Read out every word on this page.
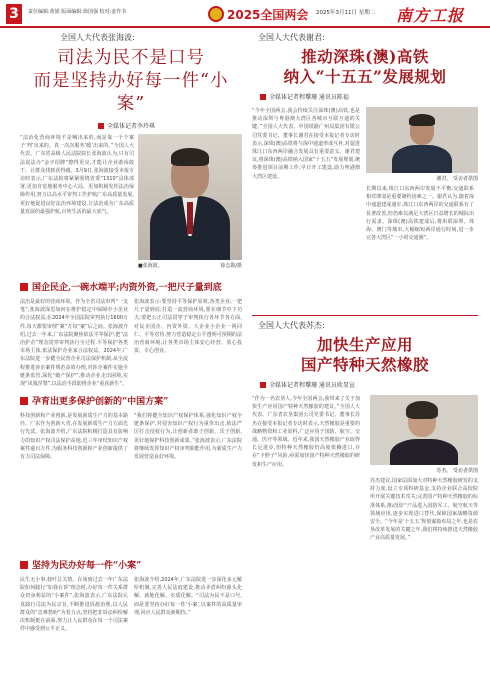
3	责任编辑:黄娟 版面编辑:徐国强 校对:姜作书	2025全国两会 2025年3月11日 星期二 南方工报
全国人大代表张海波:
司法为民不是口号
而是坚持办好每一件“小案”
全媒体记者李玲琪
“法治化营商环境不是喊出来的,而是靠一个个案子‘判’出来的。真一次次服务‘暖’出来的。”全国人大代表、广东省高级人民法院院长张海波认为,只有司法说法办“金字招牌”擦得更亮,才能让企业敢闯敢干、让群众找到获得感。3月9日,张海波接受本报专访时表示,广东法院将紧紧围绕省委“1310”具体部署,更加自觉地服务中心大局、更加积极发挥法治保障作用,努力以高水平审判工作护航广东高质量发展,更好地促进良好法治环境建设,让法治成为广东高质量发展的最强护航,百姓生活的最大底气。
■张海波。	徐志勋/摄
国企民企,一碗水端平;内资外资,一把尺子量到底
法治是最好的营商环境。作为全省司法审判“一支笔”,张海波深思如何在维护稳定中保障中小企业的合法权益,在2024年全国法院审判执行1600万件,每天都要审理“案”万每“案”后之间。张海波介绍,过去一年来,广东法院聚焦依法平等保护,把“法治护企”理念贯穿审判执行全过程,平等保护各类市场主体,依法保护企业家合法权益。2024年,广东法院进一步健全民营企业司法保护机制,从全流程推进涉企案件规范高效办理,对涉企案件实施全链条监管,深化“破产保护”,推动企业走出困境,实现“凤凰涅槃”,以法治手段助推企业“重获新生”。
张海波表示:要坚持平等保护原则,各类企业,一把尺子量到底;打造一流营商环境,要在细节中下功夫;要把公正司法贯穿于审判执行各环节各方面,对民企国企、内资外资、大企业小企业一视同仁、平等对待,努力营造稳定公平透明可预期的法治营商环境,让各类市场主体安心经营、放心投资、专心创业。
孕育出更多保护创新的“中国方案”
科技创新和产业创新,是发展新质生产力的基本路径。广东作为创新大省,在发展新质生产力方面先行先试。张海波介绍,广东法院积极打造具有影响力的知识产权司法保护高地,近三年审结知识产权案件逾百万件,为服务科技创新和产业创新提供了有力司法保障。
“我们将健全知识产权保护体系,强化知识产权全链条保护,对侵害知识产权行为重拳出击,依法严厉打击侵权行为,让创新者敢于创新、乐于创新,更好地保护科技创新成果。”张海波表示,广东法院将继续发挥知识产权审判职能作用,为新质生产力发展营造良好环境。
坚持为民办好每一件“小案”
民生无小事,枝叶总关情。在谈到过去一年广东法院如何践行“如我在诉”理念时,办好每一件关系群众切身利益的“小案件”,张海波表示,广东法院认真践行司法为民宗旨,不断推进诉源治理,以人民群众的“急难愁盼”为着力点,坚持把非诉讼纠纷解决机制挺在前面,努力让人民群众在每一个司法案件中感受到公平正义。
张海波介绍,2024年,广东法院进一步深化多元解纷机制,完善人民法庭建设,推动矛盾纠纷源头化解、就地化解、实质化解。“司法为民不是口号,而是要坚持办好每一件‘小案’,以案件的高质量审理,回应人民群众新期待。”
全国人大代表谢君:
推动深珠(澳)高铁
纳入“十五五”发展规划
全媒体记者程瓈珊 通讯员陈福
“今年全国两会,我会持续关注深珠(澳)高铁,也是推动深圳与粤港澳大湾区各城市互联互通的关键。”全国人大代表、中国铁路广州局集团有限公司党委书记、董事长谢君在接受本报记者专访时表示,深珠(澳)高铁将与深中通道形成互补,对促进珠江口东西两岸融合发展具有重要意义。谢君建议,将深珠(澳)高铁纳入国家“十五五”发展规划,统筹推进项目前期工作,早日开工建设,助力粤港澳大湾区建设。	谢君。 受访者供图
长期以来,珠江口东西两岸发展不平衡,交通联系相对薄弱是重要制约因素之一。谢君认为,随着深中通道建成通车,珠江口东西两岸的交通联系有了显著改善,但仍难以满足大湾区日益增长的城际出行需求。深珠(澳)高铁建成后,将串联深圳、珠海、澳门等城市,大幅缩短两岸通行时间,进一步完善大湾区“一小时交通圈”。
全国人大代表苏杰:
加快生产应用
国产特种天然橡胶
全媒体记者程瓈珊 通讯员欧显宣
“作为一名农垦人,今年全国两会,我带来了关于加快生产应用国产特种天然橡胶的建议。”全国人大代表、广东省农垦集团公司党委书记、董事长苏杰在接受本报记者专访时表示,天然橡胶是重要的战略物资和工业原料,广泛应用于国防、航空、交通、医疗等领域。近年来,我国天然橡胶产业取得长足进步,但特种天然橡胶仍高度依赖进口,存在“卡脖子”风险,亟需加快国产特种天然橡胶的研发和生产应用。
苏杰。 受访者供图
苏杰建议,国家层面加大对特种天然橡胶研发的支持力度,设立专项科研基金,支持企业联合高校院所开展关键技术攻关;完善国产特种天然橡胶的标准体系,推动国产产品进入国防军工、航空航天等领域应用,逐步实现进口替代,保障国家战略资源安全。“今年是‘十五五’规划谋篇布局之年,也是农垦改革发展的关键之年,我们将持续推进天然橡胶产业高质量发展。”
